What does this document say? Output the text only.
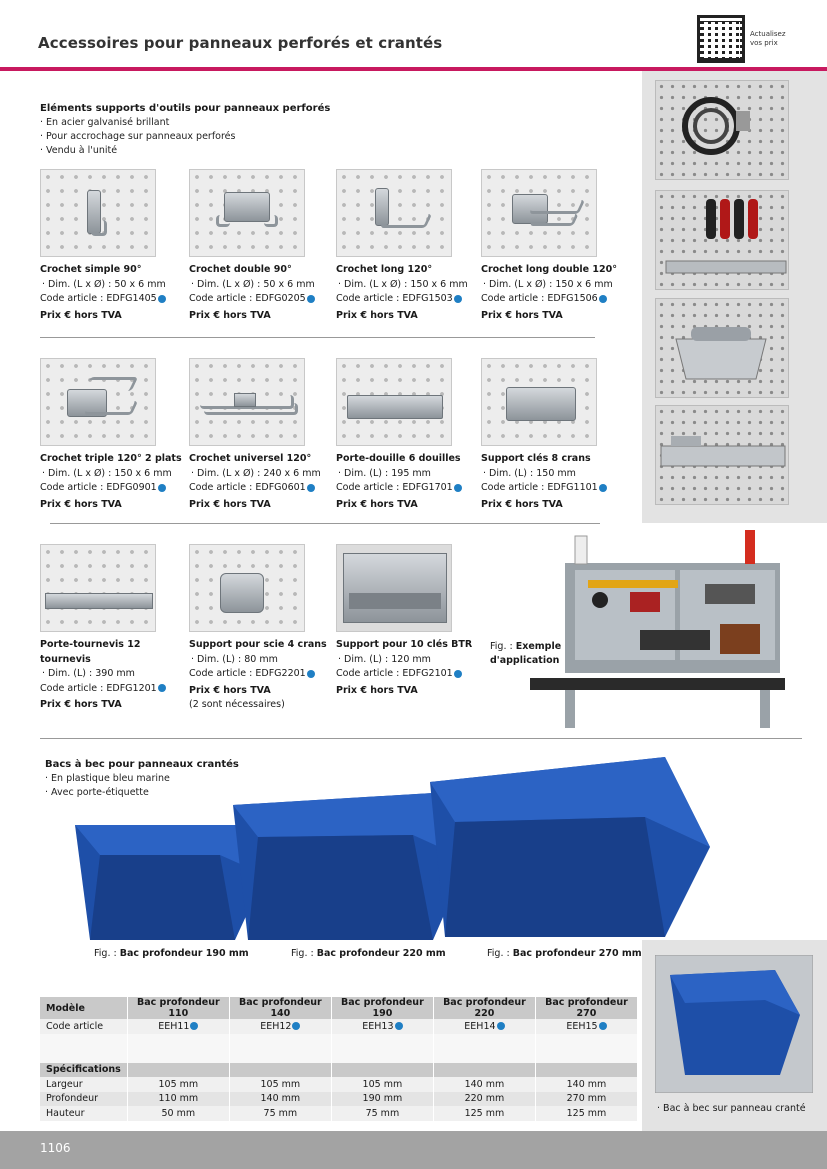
Accessoires pour panneaux perforés et crantés	Actualisez vos prix
Eléments supports d'outils pour panneaux perforés
· En acier galvanisé brillant
· Pour accrochage sur panneaux perforés
· Vendu à l'unité
Crochet simple 90°
· Dim. (L x Ø) : 50 x 6 mm
Code article : EDFG1405
Prix € hors TVA
Crochet double 90°
· Dim. (L x Ø) : 50 x 6 mm
Code article : EDFG0205
Prix € hors TVA
Crochet long 120°
· Dim. (L x Ø) : 150 x 6 mm
Code article : EDFG1503
Prix € hors TVA
Crochet long double 120°
· Dim. (L x Ø) : 150 x 6 mm
Code article : EDFG1506
Prix € hors TVA
Crochet triple 120° 2 plats
· Dim. (L x Ø) : 150 x 6 mm
Code article : EDFG0901
Prix € hors TVA
Crochet universel 120°
· Dim. (L x Ø) : 240 x 6 mm
Code article : EDFG0601
Prix € hors TVA
Porte-douille 6 douilles
· Dim. (L) : 195 mm
Code article : EDFG1701
Prix € hors TVA
Support clés 8 crans
· Dim. (L) : 150 mm
Code article : EDFG1101
Prix € hors TVA
Porte-tournevis 12 tournevis
· Dim. (L) : 390 mm
Code article : EDFG1201
Prix € hors TVA
Support pour scie 4 crans
· Dim. (L) : 80 mm
Code article : EDFG2201
Prix € hors TVA
(2 sont nécessaires)
Support pour 10 clés BTR
· Dim. (L) : 120 mm
Code article : EDFG2101
Prix € hors TVA
Fig. : Exemple
d'application
Bacs à bec pour panneaux crantés
· En plastique bleu marine
· Avec porte-étiquette
Fig. : Bac profondeur 190 mm	Fig. : Bac profondeur 220 mm	Fig. : Bac profondeur 270 mm
· Bac à bec sur panneau cranté
Modèle	Bac profondeur 110	Bac profondeur 140	Bac profondeur 190	Bac profondeur 220	Bac profondeur 270
Code article	EEH11	EEH12	EEH13	EEH14	EEH15

Spécifications					
Largeur	105 mm	105 mm	105 mm	140 mm	140 mm
Profondeur	110 mm	140 mm	190 mm	220 mm	270 mm
Hauteur	50 mm	75 mm	75 mm	125 mm	125 mm
1106
